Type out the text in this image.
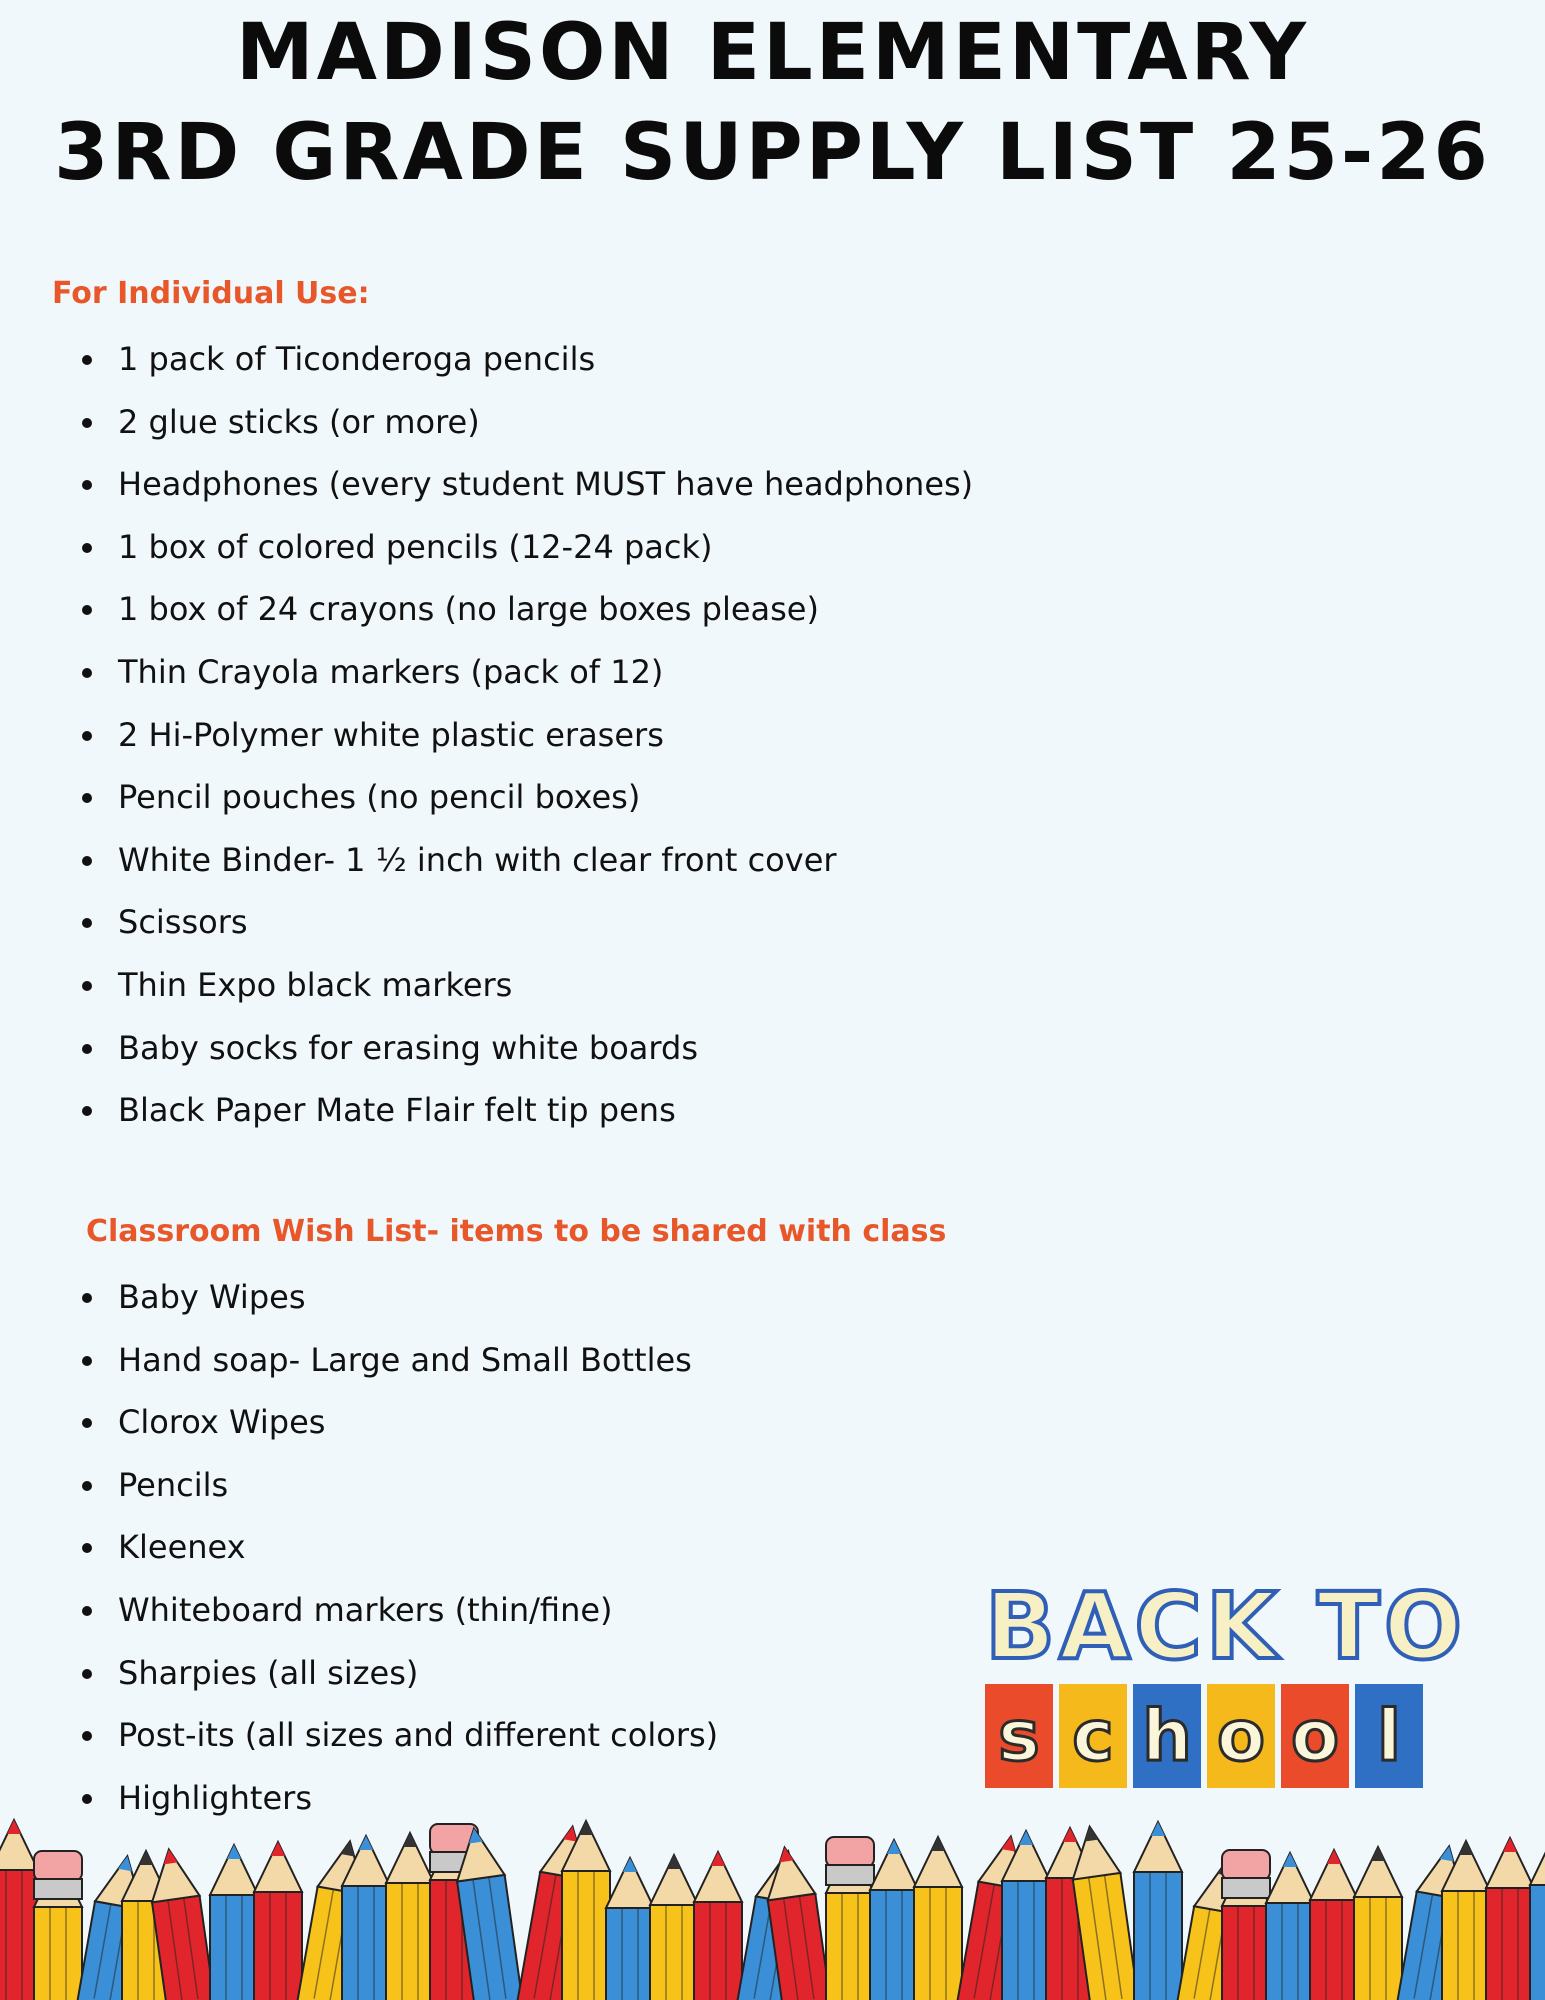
MADISON ELEMENTARY
3RD GRADE SUPPLY LIST 25-26
For Individual Use:
1 pack of Ticonderoga pencils
2 glue sticks (or more)
Headphones (every student MUST have headphones)
1 box of colored pencils (12-24 pack)
1 box of 24 crayons (no large boxes please)
Thin Crayola markers (pack of 12)
2 Hi-Polymer white plastic erasers
Pencil pouches (no pencil boxes)
White Binder- 1 ½ inch with clear front cover
Scissors
Thin Expo black markers
Baby socks for erasing white boards
Black Paper Mate Flair felt tip pens
Classroom Wish List- items to be shared with class
Baby Wipes
Hand soap- Large and Small Bottles
Clorox Wipes
Pencils
Kleenex
Whiteboard markers (thin/fine)
Sharpies (all sizes)
Post-its (all sizes and different colors)
Highlighters
BACK TO
s c h o o l
